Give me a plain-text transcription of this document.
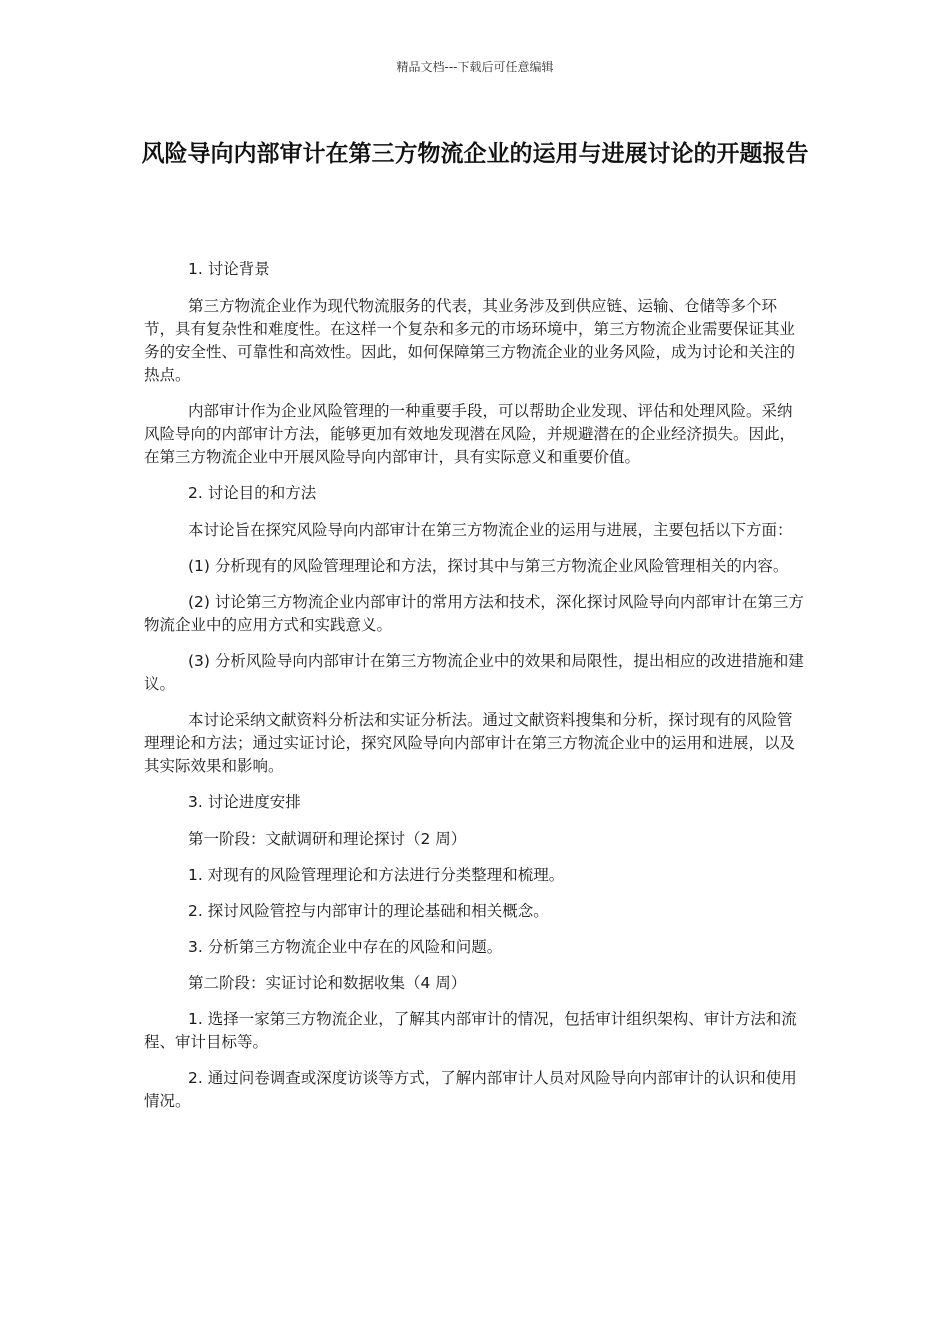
精品文档---下载后可任意编辑
风险导向内部审计在第三方物流企业的运用与进展讨论的开题报告

1. 讨论背景

第三方物流企业作为现代物流服务的代表，其业务涉及到供应链、运输、仓储等多个环节，具有复杂性和难度性。在这样一个复杂和多元的市场环境中，第三方物流企业需要保证其业务的安全性、可靠性和高效性。因此，如何保障第三方物流企业的业务风险，成为讨论和关注的热点。

内部审计作为企业风险管理的一种重要手段，可以帮助企业发现、评估和处理风险。采纳风险导向的内部审计方法，能够更加有效地发现潜在风险，并规避潜在的企业经济损失。因此，在第三方物流企业中开展风险导向内部审计，具有实际意义和重要价值。

2. 讨论目的和方法

本讨论旨在探究风险导向内部审计在第三方物流企业的运用与进展，主要包括以下方面：

(1) 分析现有的风险管理理论和方法，探讨其中与第三方物流企业风险管理相关的内容。

(2) 讨论第三方物流企业内部审计的常用方法和技术，深化探讨风险导向内部审计在第三方物流企业中的应用方式和实践意义。

(3) 分析风险导向内部审计在第三方物流企业中的效果和局限性，提出相应的改进措施和建议。

本讨论采纳文献资料分析法和实证分析法。通过文献资料搜集和分析，探讨现有的风险管理理论和方法；通过实证讨论，探究风险导向内部审计在第三方物流企业中的运用和进展，以及其实际效果和影响。

3. 讨论进度安排

第一阶段：文献调研和理论探讨（2 周）

1. 对现有的风险管理理论和方法进行分类整理和梳理。

2. 探讨风险管控与内部审计的理论基础和相关概念。

3. 分析第三方物流企业中存在的风险和问题。

第二阶段：实证讨论和数据收集（4 周）

1. 选择一家第三方物流企业，了解其内部审计的情况，包括审计组织架构、审计方法和流程、审计目标等。

2. 通过问卷调查或深度访谈等方式，了解内部审计人员对风险导向内部审计的认识和使用情况。
